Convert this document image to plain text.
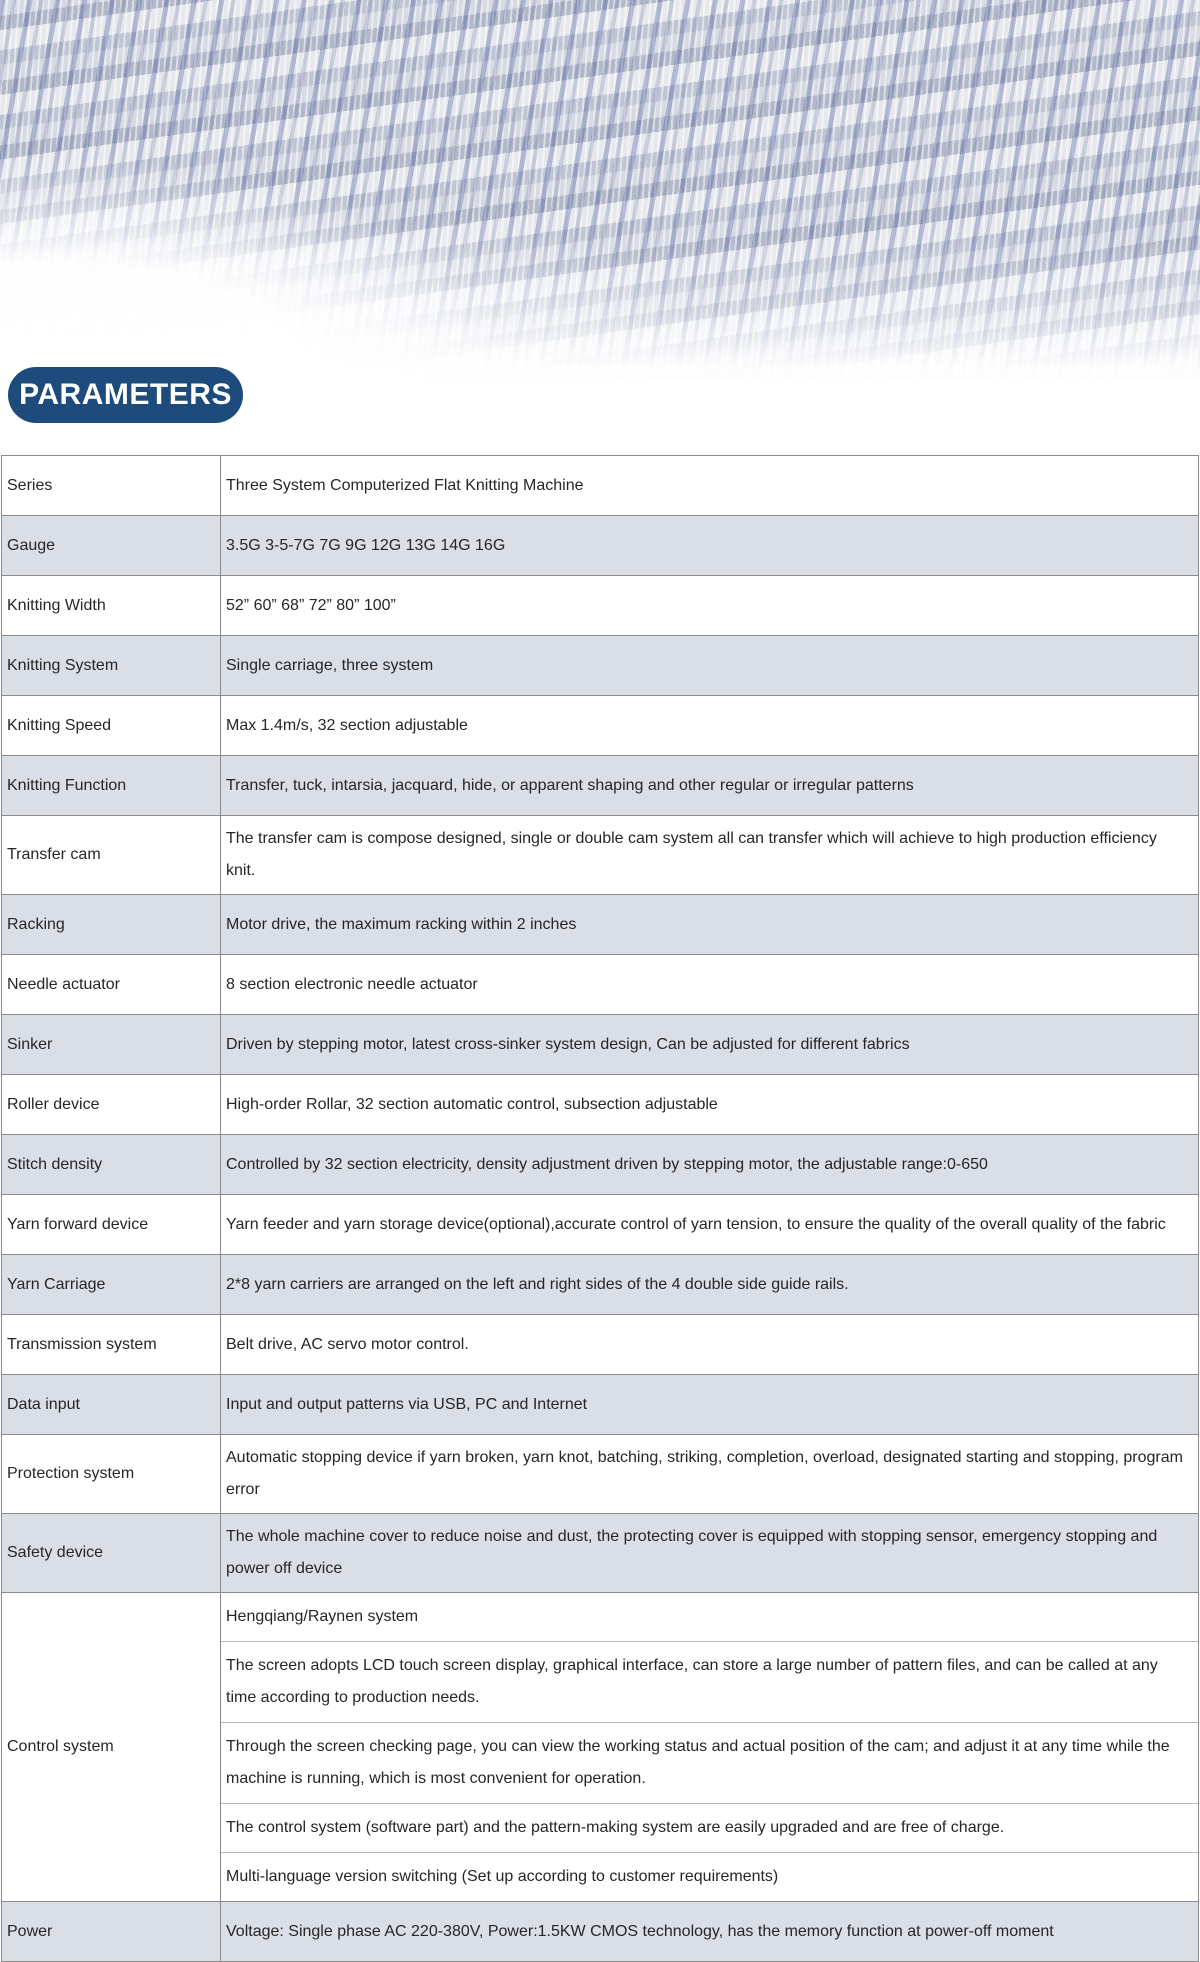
PARAMETERS
Series	Three System Computerized Flat Knitting Machine
Gauge	3.5G 3-5-7G 7G 9G 12G 13G 14G 16G
Knitting Width	52” 60” 68” 72” 80” 100”
Knitting System	Single carriage, three system
Knitting Speed	Max 1.4m/s, 32 section adjustable
Knitting Function	Transfer, tuck, intarsia, jacquard, hide, or apparent shaping and other regular or irregular patterns
Transfer cam	The transfer cam is compose designed, single or double cam system all can transfer which will achieve to high production efficiency knit.
Racking	Motor drive, the maximum racking within 2 inches
Needle actuator	8 section electronic needle actuator
Sinker	Driven by stepping motor, latest cross-sinker system design, Can be adjusted for different fabrics
Roller device	High-order Rollar, 32 section automatic control, subsection adjustable
Stitch density	Controlled by 32 section electricity, density adjustment driven by stepping motor, the adjustable range:0-650
Yarn forward device	Yarn feeder and yarn storage device(optional),accurate control of yarn tension, to ensure the quality of the overall quality of the fabric
Yarn Carriage	2*8 yarn carriers are arranged on the left and right sides of the 4 double side guide rails.
Transmission system	Belt drive, AC servo motor control.
Data input	Input and output patterns via USB, PC and Internet
Protection system	Automatic stopping device if yarn broken, yarn knot, batching, striking, completion, overload, designated starting and stopping, program error
Safety device	The whole machine cover to reduce noise and dust, the protecting cover is equipped with stopping sensor, emergency stopping and power off device
Control system	Hengqiang/Raynen system
The screen adopts LCD touch screen display, graphical interface, can store a large number of pattern files, and can be called at any time according to production needs.
Through the screen checking page, you can view the working status and actual position of the cam; and adjust it at any time while the machine is running, which is most convenient for operation.
The control system (software part) and the pattern-making system are easily upgraded and are free of charge.
Multi-language version switching (Set up according to customer requirements)

Power	Voltage: Single phase AC 220-380V, Power:1.5KW CMOS technology, has the memory function at power-off moment
